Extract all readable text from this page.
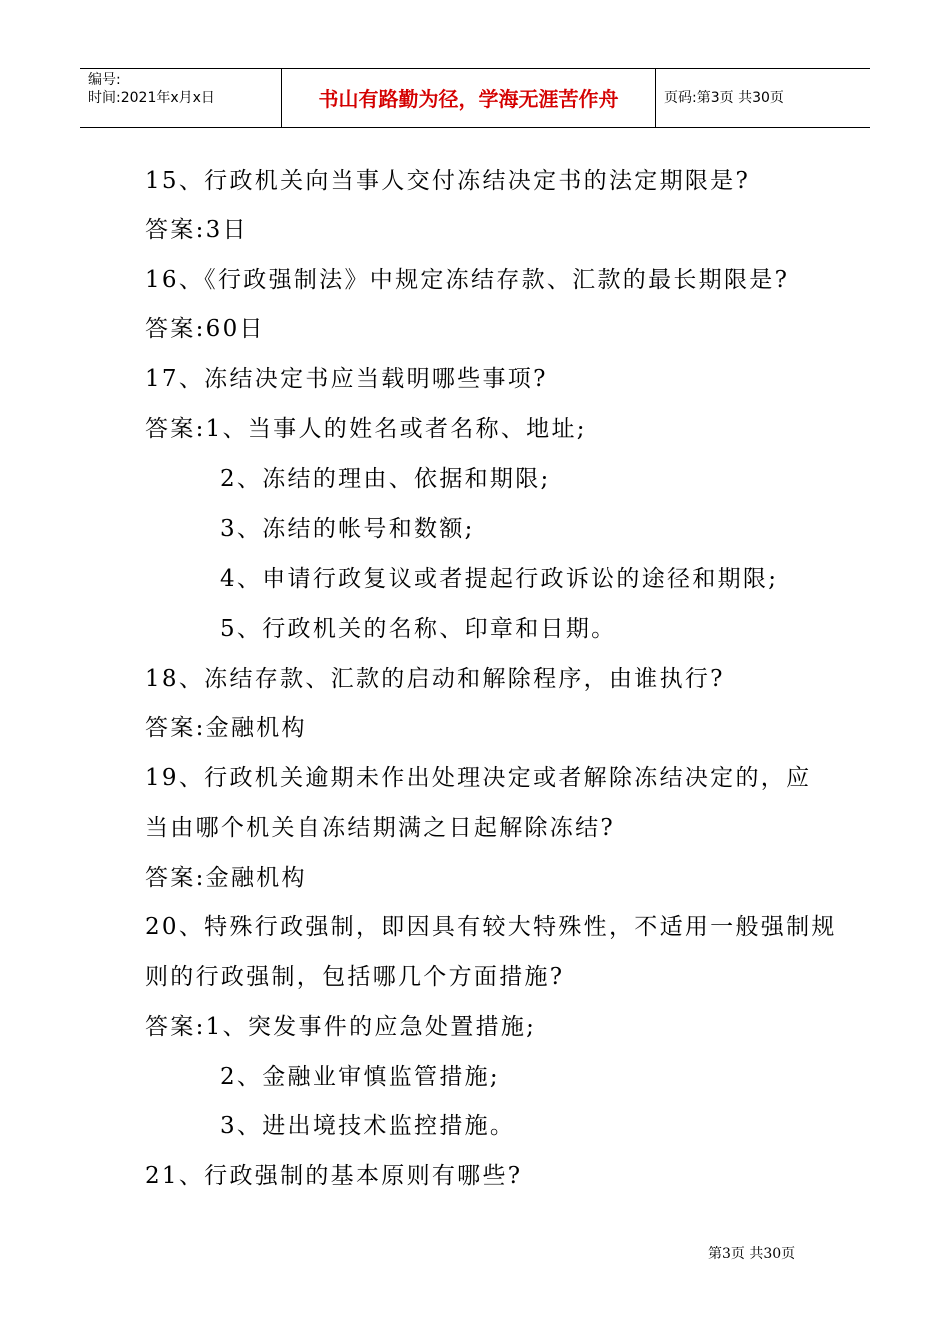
编号:
时间:2021年x月x日	书山有路勤为径，学海无涯苦作舟	页码:第3页 共30页
15、行政机关向当事人交付冻结决定书的法定期限是?
答案:3日
16、《行政强制法》中规定冻结存款、汇款的最长期限是?
答案:60日
17、冻结决定书应当载明哪些事项?
答案:1、当事人的姓名或者名称、地址;
2、冻结的理由、依据和期限;
3、冻结的帐号和数额;
4、申请行政复议或者提起行政诉讼的途径和期限;
5、行政机关的名称、印章和日期。
18、冻结存款、汇款的启动和解除程序，由谁执行?
答案:金融机构
19、行政机关逾期未作出处理决定或者解除冻结决定的，应
当由哪个机关自冻结期满之日起解除冻结?
答案:金融机构
20、特殊行政强制，即因具有较大特殊性，不适用一般强制规
则的行政强制，包括哪几个方面措施?
答案:1、突发事件的应急处置措施;
2、金融业审慎监管措施;
3、进出境技术监控措施。
21、行政强制的基本原则有哪些?
第3页 共30页
